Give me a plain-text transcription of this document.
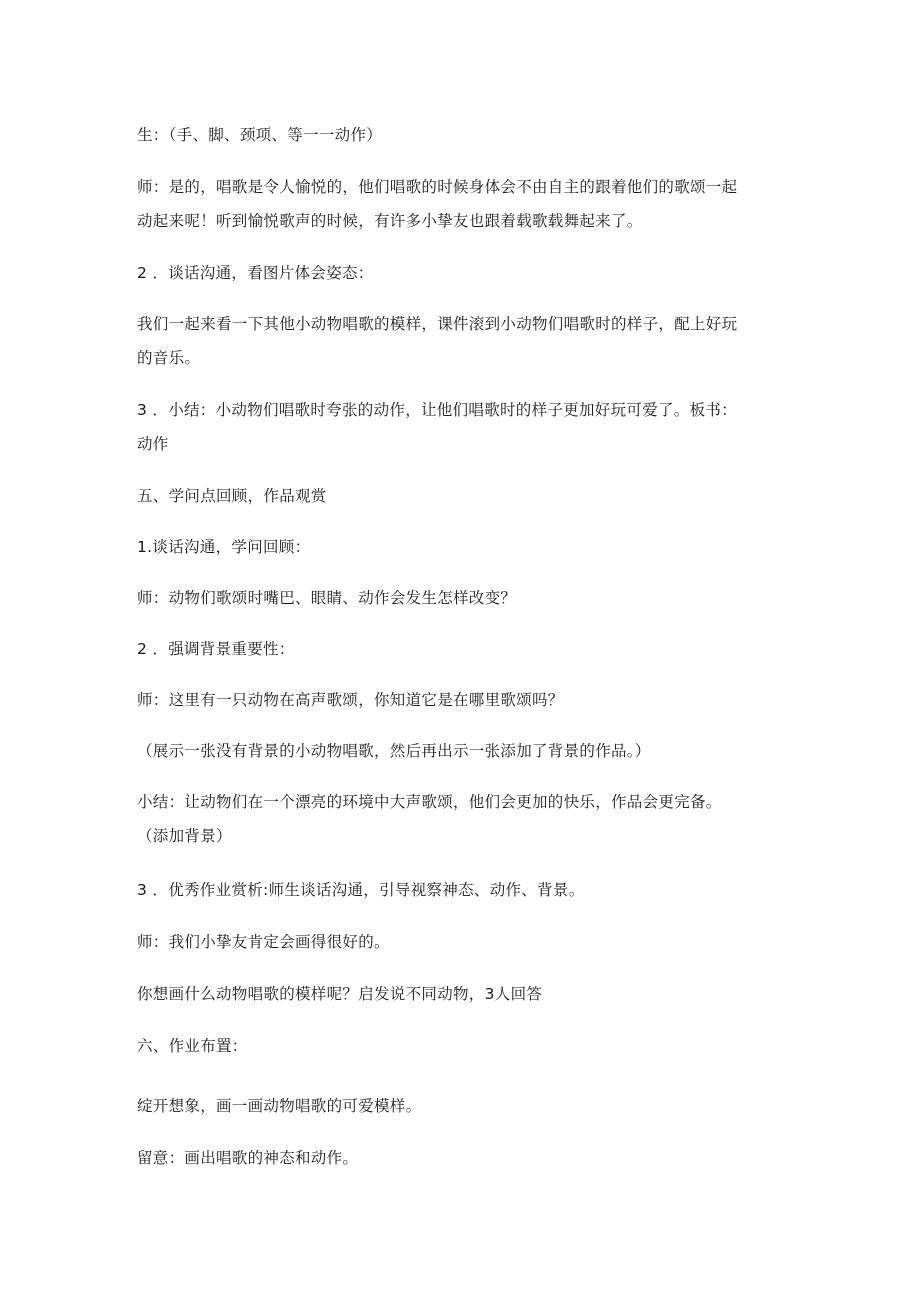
生：（手、脚、颈项、等一一动作）

师：是的，唱歌是令人愉悦的，他们唱歌的时候身体会不由自主的跟着他们的歌颂一起
动起来呢！听到愉悦歌声的时候，有许多小挚友也跟着载歌载舞起来了。

2 ．谈话沟通，看图片体会姿态：

我们一起来看一下其他小动物唱歌的模样，课件滚到小动物们唱歌时的样子，配上好玩
的音乐。

3 ．小结：小动物们唱歌时夸张的动作，让他们唱歌时的样子更加好玩可爱了。板书：
动作

五、学问点回顾，作品观赏

1.谈话沟通，学问回顾：

师：动物们歌颂时嘴巴、眼睛、动作会发生怎样改变？

2 ．强调背景重要性：

师：这里有一只动物在高声歌颂，你知道它是在哪里歌颂吗？

（展示一张没有背景的小动物唱歌，然后再出示一张添加了背景的作品。）

小结：让动物们在一个漂亮的环境中大声歌颂，他们会更加的快乐，作品会更完备。
（添加背景）

3 ．优秀作业赏析:师生谈话沟通，引导视察神态、动作、背景。

师：我们小挚友肯定会画得很好的。

你想画什么动物唱歌的模样呢？启发说不同动物，3人回答

六、作业布置：

绽开想象，画一画动物唱歌的可爱模样。

留意：画出唱歌的神态和动作。
